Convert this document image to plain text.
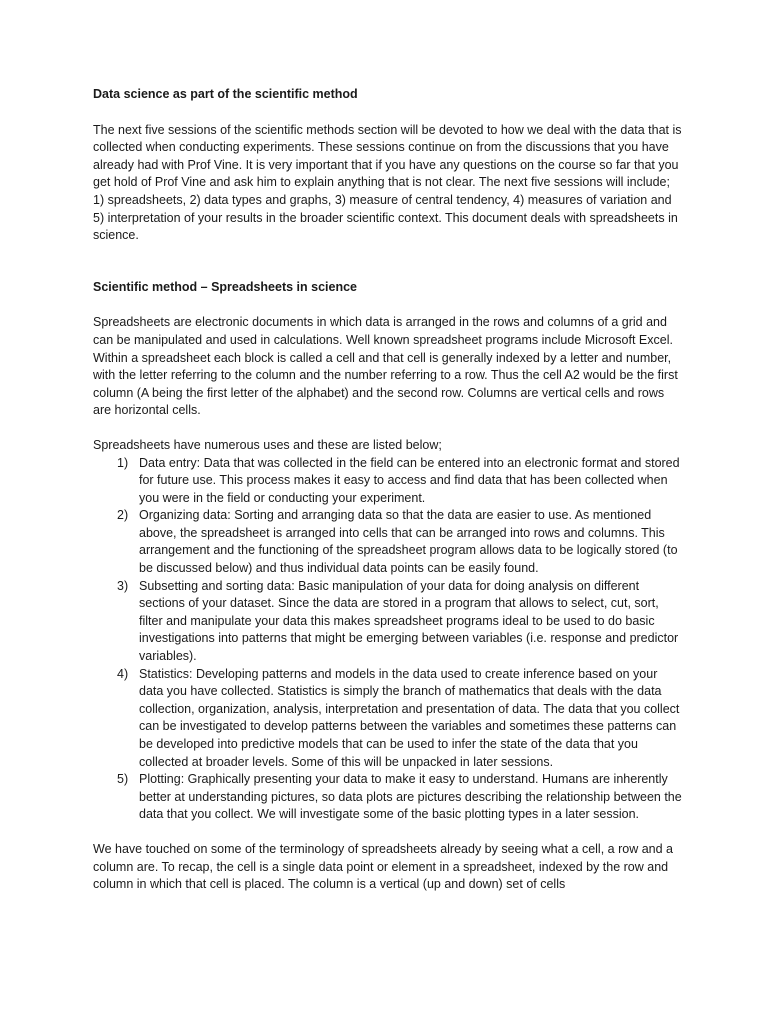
Data science as part of the scientific method

The next five sessions of the scientific methods section will be devoted to how we deal with the data that is collected when conducting experiments. These sessions continue on from the discussions that you have already had with Prof Vine. It is very important that if you have any questions on the course so far that you get hold of Prof Vine and ask him to explain anything that is not clear. The next five sessions will include; 1) spreadsheets, 2) data types and graphs, 3) measure of central tendency, 4) measures of variation and 5) interpretation of your results in the broader scientific context. This document deals with spreadsheets in science.

Scientific method – Spreadsheets in science

Spreadsheets are electronic documents in which data is arranged in the rows and columns of a grid and can be manipulated and used in calculations. Well known spreadsheet programs include Microsoft Excel. Within a spreadsheet each block is called a cell and that cell is generally indexed by a letter and number, with the letter referring to the column and the number referring to a row. Thus the cell A2 would be the first column (A being the first letter of the alphabet) and the second row. Columns are vertical cells and rows are horizontal cells.

Spreadsheets have numerous uses and these are listed below;

1) Data entry: Data that was collected in the field can be entered into an electronic format and stored for future use. This process makes it easy to access and find data that has been collected when you were in the field or conducting your experiment.
2) Organizing data: Sorting and arranging data so that the data are easier to use. As mentioned above, the spreadsheet is arranged into cells that can be arranged into rows and columns. This arrangement and the functioning of the spreadsheet program allows data to be logically stored (to be discussed below) and thus individual data points can be easily found.
3) Subsetting and sorting data: Basic manipulation of your data for doing analysis on different sections of your dataset. Since the data are stored in a program that allows to select, cut, sort, filter and manipulate your data this makes spreadsheet programs ideal to be used to do basic investigations into patterns that might be emerging between variables (i.e. response and predictor variables).
4) Statistics: Developing patterns and models in the data used to create inference based on your data you have collected. Statistics is simply the branch of mathematics that deals with the data collection, organization, analysis, interpretation and presentation of data. The data that you collect can be investigated to develop patterns between the variables and sometimes these patterns can be developed into predictive models that can be used to infer the state of the data that you collected at broader levels. Some of this will be unpacked in later sessions.
5) Plotting: Graphically presenting your data to make it easy to understand. Humans are inherently better at understanding pictures, so data plots are pictures describing the relationship between the data that you collect. We will investigate some of the basic plotting types in a later session.

We have touched on some of the terminology of spreadsheets already by seeing what a cell, a row and a column are. To recap, the cell is a single data point or element in a spreadsheet, indexed by the row and column in which that cell is placed. The column is a vertical (up and down) set of cells
